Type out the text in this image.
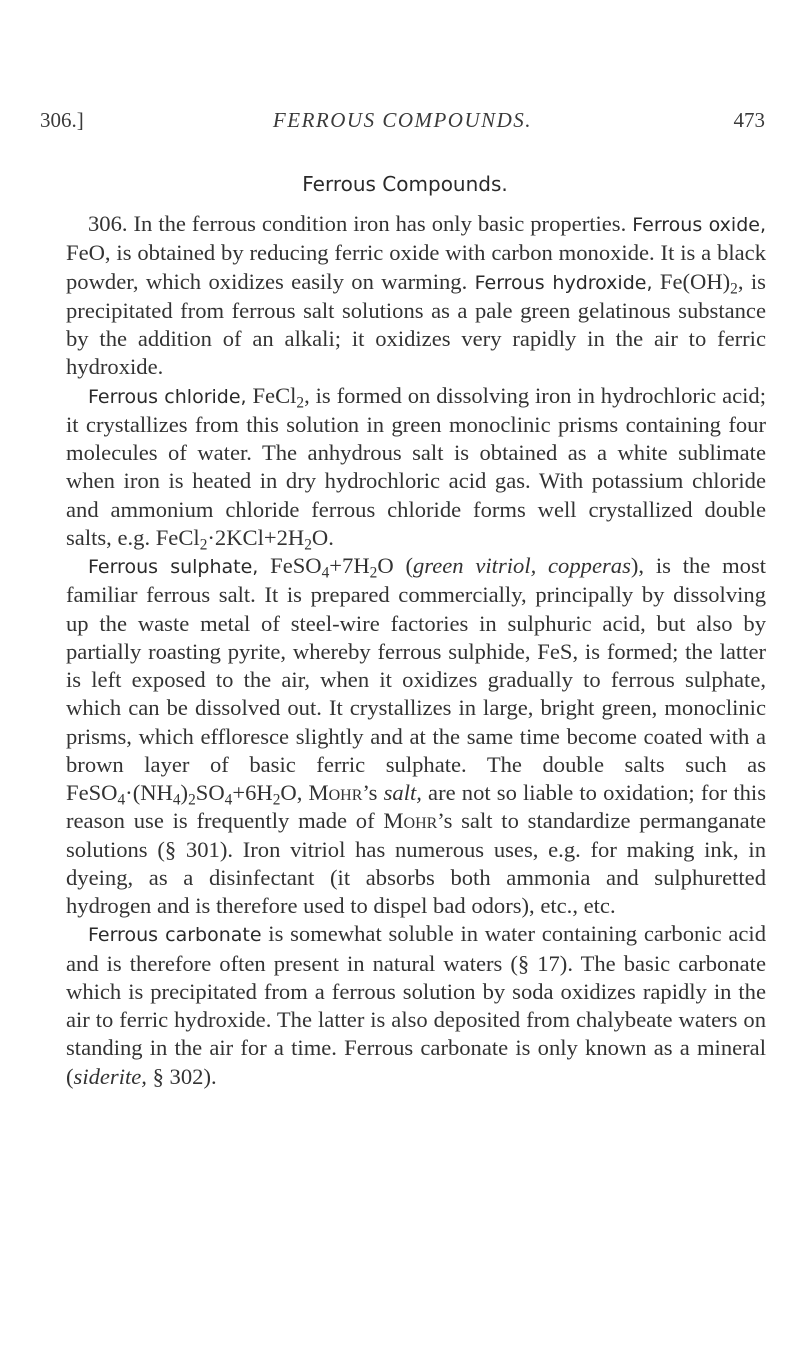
306.]	FERROUS COMPOUNDS.	473
Ferrous Compounds.

306. In the ferrous condition iron has only basic properties. Ferrous oxide, FeO, is obtained by reducing ferric oxide with carbon monoxide. It is a black powder, which oxidizes easily on warming. Ferrous hydroxide, $Fe(OH)_2$, is precipitated from ferrous salt solutions as a pale green gelatinous substance by the addition of an alkali; it oxidizes very rapidly in the air to ferric hydroxide.

Ferrous chloride, FeCl$_2$, is formed on dissolving iron in hydrochloric acid; it crystallizes from this solution in green monoclinic prisms containing four molecules of water. The anhydrous salt is obtained as a white sublimate when iron is heated in dry hydrochloric acid gas. With potassium chloride and ammonium chloride ferrous chloride forms well crystallized double salts, e.g. $FeCl_2\cdot 2KCl+2H_2O$.

Ferrous sulphate, $FeSO_4+7H_2O$ (green vitriol, copperas), is the most familiar ferrous salt. It is prepared commercially, principally by dissolving up the waste metal of steel-wire factories in sulphuric acid, but also by partially roasting pyrite, whereby ferrous sulphide, FeS, is formed; the latter is left exposed to the air, when it oxidizes gradually to ferrous sulphate, which can be dissolved out. It crystallizes in large, bright green, monoclinic prisms, which effloresce slightly and at the same time become coated with a brown layer of basic ferric sulphate. The double salts such as $FeSO_4\cdot(NH_4)_2SO_4+6H_2O$, Mohr’s salt, are not so liable to oxidation; for this reason use is frequently made of Mohr’s salt to standardize permanganate solutions (§ 301). Iron vitriol has numerous uses, e.g. for making ink, in dyeing, as a disinfectant (it absorbs both ammonia and sulphuretted hydrogen and is therefore used to dispel bad odors), etc., etc.

Ferrous carbonate is somewhat soluble in water containing carbonic acid and is therefore often present in natural waters (§ 17). The basic carbonate which is precipitated from a ferrous solution by soda oxidizes rapidly in the air to ferric hydroxide. The latter is also deposited from chalybeate waters on standing in the air for a time. Ferrous carbonate is only known as a mineral (siderite, § 302).
